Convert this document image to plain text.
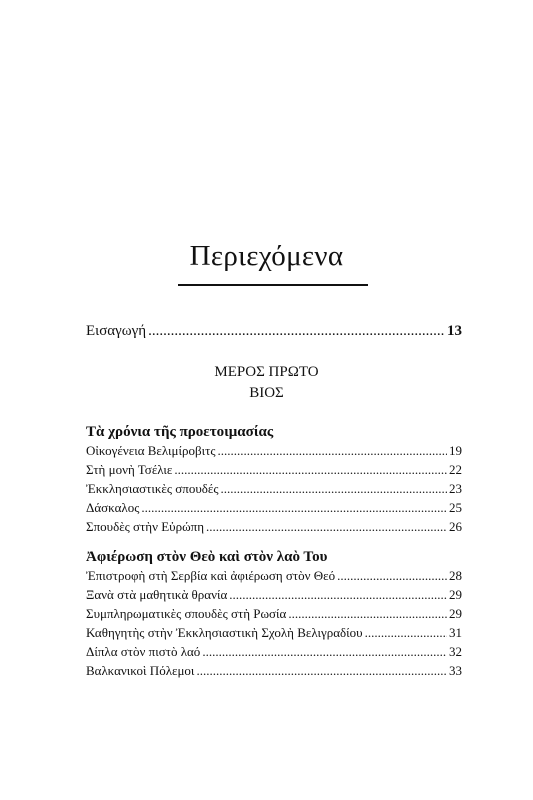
Περιεχόμενα
Εισαγωγή .....	13
ΜΕΡΟΣ ΠΡΩΤΟ
ΒΙΟΣ
Τὰ χρόνια τῆς προετοιμασίας
Οἰκογένεια Βελιμίροβιτς .....	19
Στὴ μονὴ Τσέλιε .....	22
Ἐκκλησιαστικὲς σπουδές .....	23
Δάσκαλος .....	25
Σπουδὲς στὴν Εὐρώπη .....	26
Ἀφιέρωση στὸν Θεὸ καὶ στὸν λαὸ Του
Ἐπιστροφὴ στὴ Σερβία καὶ ἀφιέρωση στὸν Θεό .....	28
Ξανὰ στὰ μαθητικὰ θρανία .....	29
Συμπληρωματικὲς σπουδὲς στὴ Ρωσία .....	29
Καθηγητὴς στὴν Ἐκκλησιαστικὴ Σχολὴ Βελιγραδίου .....	31
Δίπλα στὸν πιστὸ λαό .....	32
Βαλκανικοὶ Πόλεμοι .....	33
